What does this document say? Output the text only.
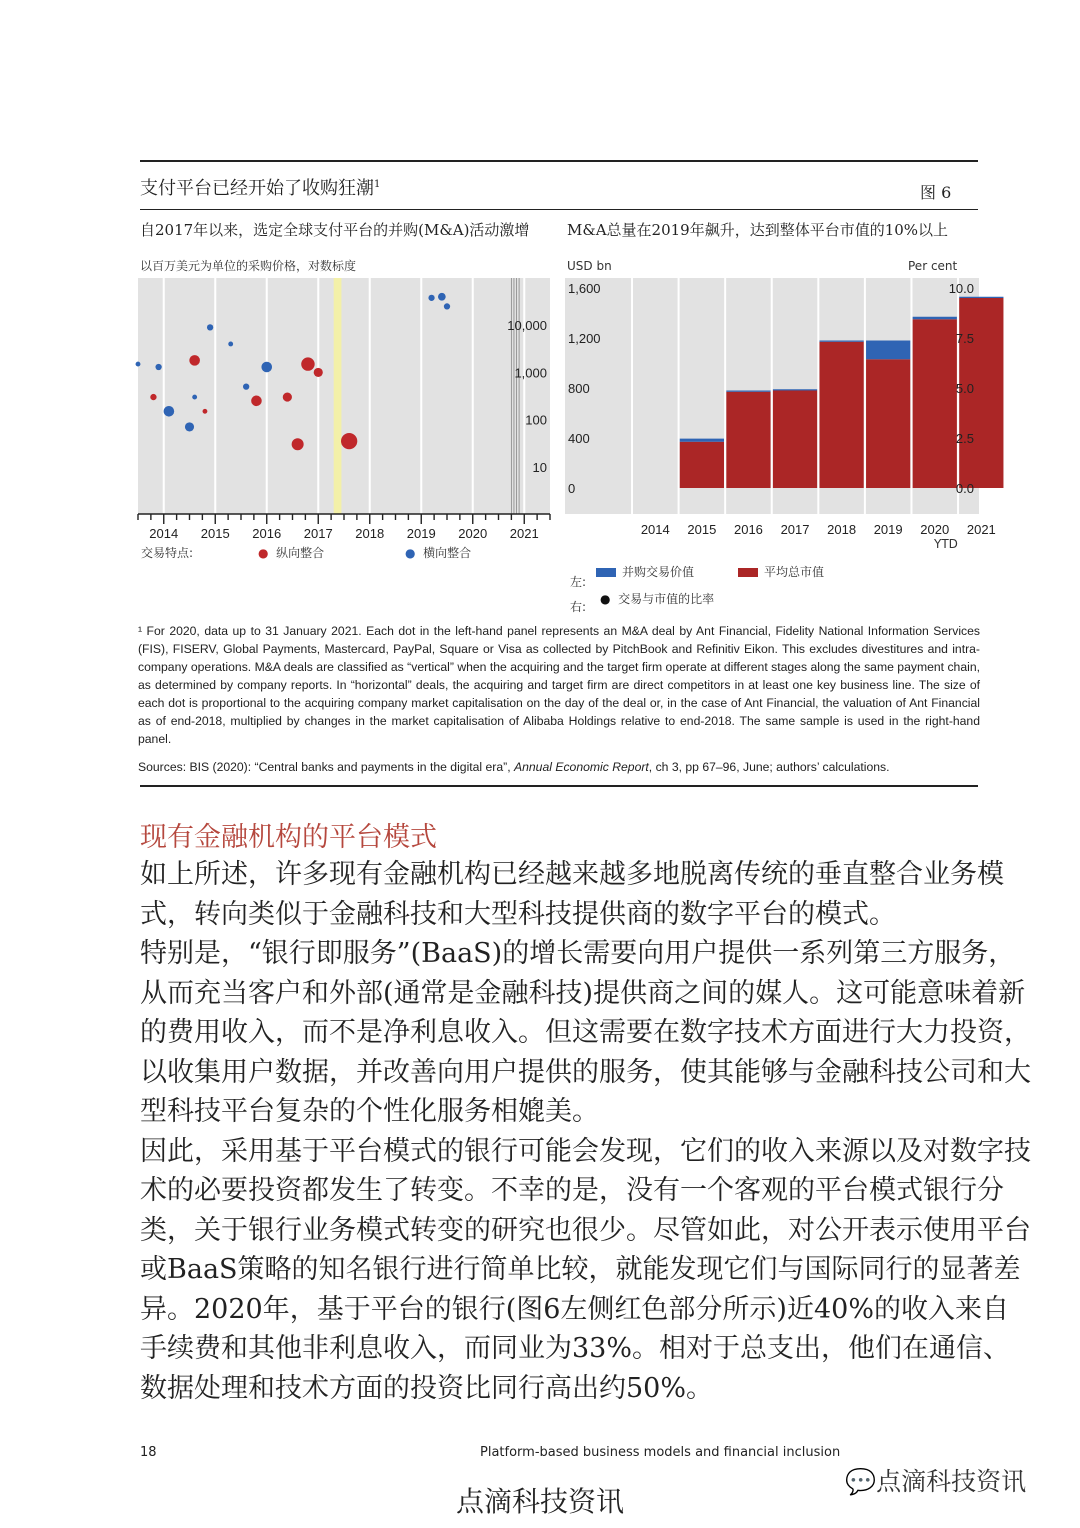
支付平台已经开始了收购狂潮$^1$	图 6
自2017年以来，选定全球支付平台的并购(M&A)活动激增	M&A总量在2019年飙升，达到整体平台市值的10%以上
以百万美元为单位的采购价格，对数标度	USD bn	Per cent
10
100
1,000
10,000
2014 2015 2016 2017 2018 2019 2020 2021
交易特点:	● 纵向整合	● 横向整合
0
400
800
1,200
1,600
0.0
2.5
5.0
7.5
10.0
2014 2015 2016 2017 2018 2019 2020 2021
YTD
左:
并购交易价值	平均总市值
右:
● 交易与市值的比率
¹ For 2020, data up to 31 January 2021. Each dot in the left-hand panel represents an M&A deal by Ant Financial, Fidelity National Information Services (FIS), FISERV, Global Payments, Mastercard, PayPal, Square or Visa as collected by PitchBook and Refinitiv Eikon. This excludes divestitures and intra-company operations. M&A deals are classified as “vertical” when the acquiring and the target firm operate at different stages along the same payment chain, as determined by company reports. In “horizontal” deals, the acquiring and target firm are direct competitors in at least one key business line. The size of each dot is proportional to the acquiring company market capitalisation on the day of the deal or, in the case of Ant Financial, the valuation of Ant Financial as of end-2018, multiplied by changes in the market capitalisation of Alibaba Holdings relative to end-2018. The same sample is used in the right-hand panel.
Sources: BIS (2020): “Central banks and payments in the digital era”, Annual Economic Report, ch 3, pp 67–96, June; authors’ calculations.
现有金融机构的平台模式

如上所述，许多现有金融机构已经越来越多地脱离传统的垂直整合业务模式，转向类似于金融科技和大型科技提供商的数字平台的模式。

特别是，“银行即服务”(BaaS)的增长需要向用户提供一系列第三方服务，从而充当客户和外部(通常是金融科技)提供商之间的媒人。这可能意味着新的费用收入，而不是净利息收入。但这需要在数字技术方面进行大力投资，以收集用户数据，并改善向用户提供的服务，使其能够与金融科技公司和大型科技平台复杂的个性化服务相媲美。

因此，采用基于平台模式的银行可能会发现，它们的收入来源以及对数字技术的必要投资都发生了转变。不幸的是，没有一个客观的平台模式银行分类，关于银行业务模式转变的研究也很少。尽管如此，对公开表示使用平台或BaaS策略的知名银行进行简单比较，就能发现它们与国际同行的显著差异。2020年，基于平台的银行(图6左侧红色部分所示)近40%的收入来自手续费和其他非利息收入，而同业为33%。相对于总支出，他们在通信、数据处理和技术方面的投资比同行高出约50%。

18	Platform-based business models and financial inclusion
点滴科技资讯
💬点滴科技资讯
